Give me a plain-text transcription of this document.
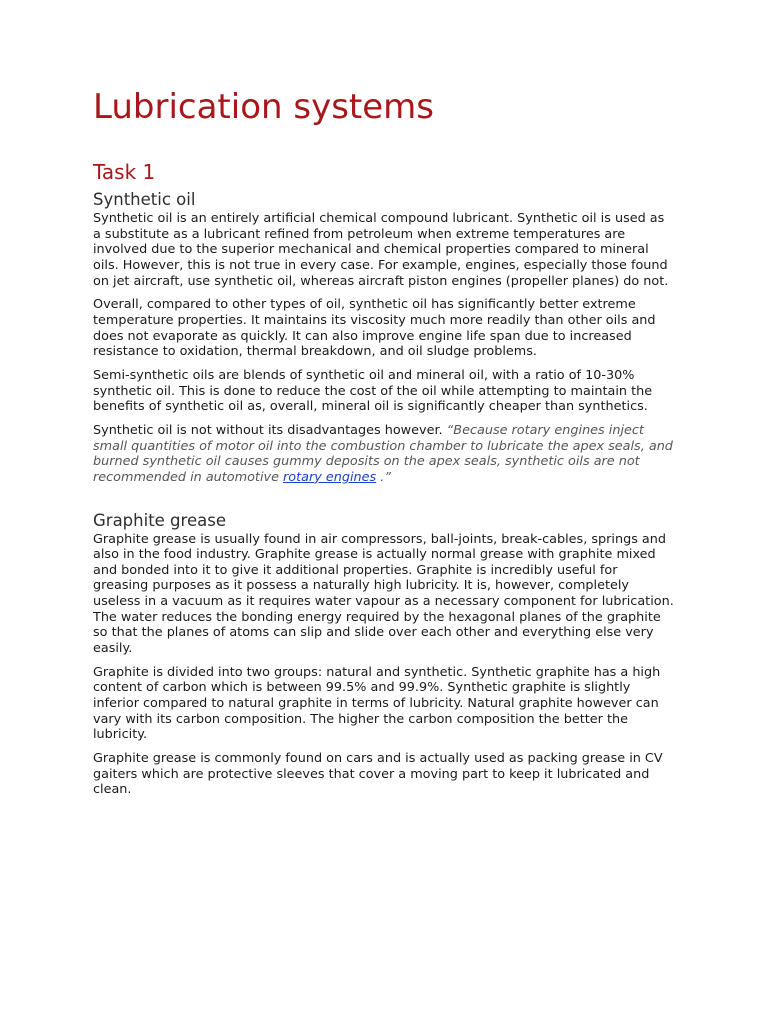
Lubrication systems
Task 1
Synthetic oil

Synthetic oil is an entirely artificial chemical compound lubricant. Synthetic oil is used as a substitute as a lubricant refined from petroleum when extreme temperatures are involved due to the superior mechanical and chemical properties compared to mineral oils. However, this is not true in every case. For example, engines, especially those found on jet aircraft, use synthetic oil, whereas aircraft piston engines (propeller planes) do not.

Overall, compared to other types of oil, synthetic oil has significantly better extreme temperature properties. It maintains its viscosity much more readily than other oils and does not evaporate as quickly. It can also improve engine life span due to increased resistance to oxidation, thermal breakdown, and oil sludge problems.

Semi-synthetic oils are blends of synthetic oil and mineral oil, with a ratio of 10-30% synthetic oil. This is done to reduce the cost of the oil while attempting to maintain the benefits of synthetic oil as, overall, mineral oil is significantly cheaper than synthetics.

Synthetic oil is not without its disadvantages however. “Because rotary engines inject small quantities of motor oil into the combustion chamber to lubricate the apex seals, and burned synthetic oil causes gummy deposits on the apex seals, synthetic oils are not recommended in automotive rotary engines .”

Graphite grease

Graphite grease is usually found in air compressors, ball-joints, break-cables, springs and also in the food industry. Graphite grease is actually normal grease with graphite mixed and bonded into it to give it additional properties. Graphite is incredibly useful for greasing purposes as it possess a naturally high lubricity. It is, however, completely useless in a vacuum as it requires water vapour as a necessary component for lubrication. The water reduces the bonding energy required by the hexagonal planes of the graphite so that the planes of atoms can slip and slide over each other and everything else very easily.

Graphite is divided into two groups: natural and synthetic. Synthetic graphite has a high content of carbon which is between 99.5% and 99.9%. Synthetic graphite is slightly inferior compared to natural graphite in terms of lubricity. Natural graphite however can vary with its carbon composition. The higher the carbon composition the better the lubricity.

Graphite grease is commonly found on cars and is actually used as packing grease in CV gaiters which are protective sleeves that cover a moving part to keep it lubricated and clean.
